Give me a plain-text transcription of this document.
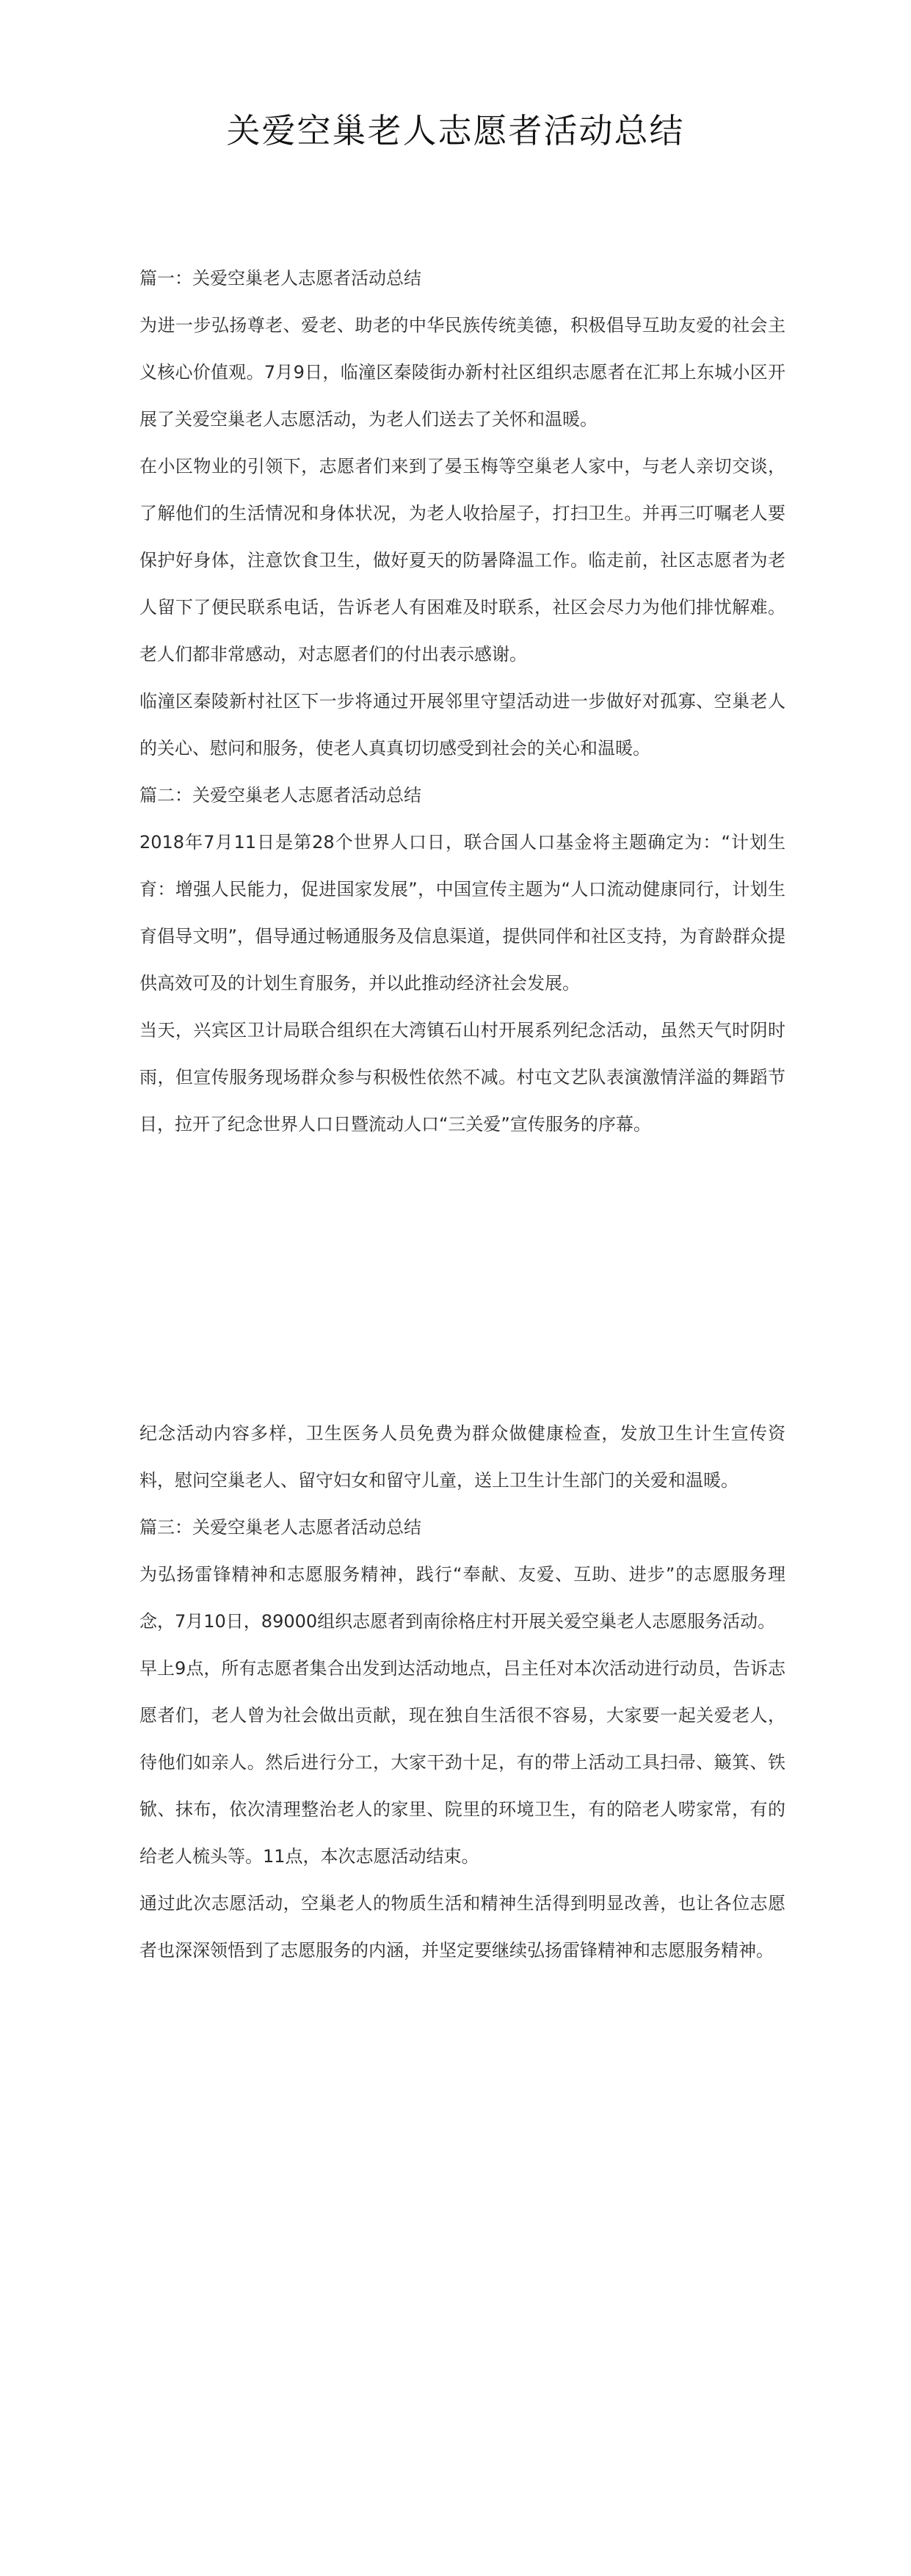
关爱空巢老人志愿者活动总结
篇一：关爱空巢老人志愿者活动总结

为进一步弘扬尊老、爱老、助老的中华民族传统美德，积极倡导互助友爱的社会主义核心价值观。7月9日，临潼区秦陵街办新村社区组织志愿者在汇邦上东城小区开展了关爱空巢老人志愿活动，为老人们送去了关怀和温暖。

在小区物业的引领下，志愿者们来到了晏玉梅等空巢老人家中，与老人亲切交谈，了解他们的生活情况和身体状况，为老人收拾屋子，打扫卫生。并再三叮嘱老人要保护好身体，注意饮食卫生，做好夏天的防暑降温工作。临走前，社区志愿者为老人留下了便民联系电话，告诉老人有困难及时联系，社区会尽力为他们排忧解难。老人们都非常感动，对志愿者们的付出表示感谢。

临潼区秦陵新村社区下一步将通过开展邻里守望活动进一步做好对孤寡、空巢老人的关心、慰问和服务，使老人真真切切感受到社会的关心和温暖。

篇二：关爱空巢老人志愿者活动总结

2018年7月11日是第28个世界人口日，联合国人口基金将主题确定为：“计划生育：增强人民能力，促进国家发展”，中国宣传主题为“人口流动健康同行，计划生育倡导文明”，倡导通过畅通服务及信息渠道，提供同伴和社区支持，为育龄群众提供高效可及的计划生育服务，并以此推动经济社会发展。

当天，兴宾区卫计局联合组织在大湾镇石山村开展系列纪念活动，虽然天气时阴时雨，但宣传服务现场群众参与积极性依然不减。村屯文艺队表演激情洋溢的舞蹈节目，拉开了纪念世界人口日暨流动人口“三关爱”宣传服务的序幕。

纪念活动内容多样，卫生医务人员免费为群众做健康检查，发放卫生计生宣传资料，慰问空巢老人、留守妇女和留守儿童，送上卫生计生部门的关爱和温暖。

篇三：关爱空巢老人志愿者活动总结

为弘扬雷锋精神和志愿服务精神，践行“奉献、友爱、互助、进步”的志愿服务理念，7月10日，89000组织志愿者到南徐格庄村开展关爱空巢老人志愿服务活动。

早上9点，所有志愿者集合出发到达活动地点，吕主任对本次活动进行动员，告诉志愿者们，老人曾为社会做出贡献，现在独自生活很不容易，大家要一起关爱老人，待他们如亲人。然后进行分工，大家干劲十足，有的带上活动工具扫帚、簸箕、铁锨、抹布，依次清理整治老人的家里、院里的环境卫生，有的陪老人唠家常，有的给老人梳头等。11点，本次志愿活动结束。

通过此次志愿活动，空巢老人的物质生活和精神生活得到明显改善，也让各位志愿者也深深领悟到了志愿服务的内涵，并坚定要继续弘扬雷锋精神和志愿服务精神。
